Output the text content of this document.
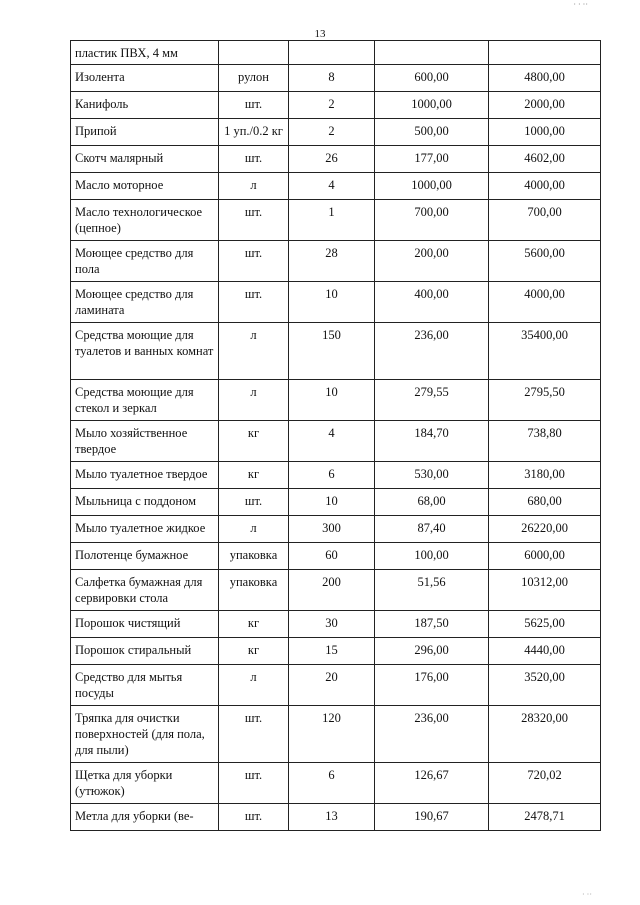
· · ··
13
пластик ПВХ, 4 мм				
Изолента	рулон	8	600,00	4800,00
Канифоль	шт.	2	1000,00	2000,00
Припой	1 уп./0.2 кг	2	500,00	1000,00
Скотч малярный	шт.	26	177,00	4602,00
Масло моторное	л	4	1000,00	4000,00
Масло технологическое (цепное)	шт.	1	700,00	700,00
Моющее средство для пола	шт.	28	200,00	5600,00
Моющее средство для ламината	шт.	10	400,00	4000,00
Средства моющие для туалетов и ванных комнат	л	150	236,00	35400,00
Средства моющие для стекол и зеркал	л	10	279,55	2795,50
Мыло хозяйственное твердое	кг	4	184,70	738,80
Мыло туалетное твердое	кг	6	530,00	3180,00
Мыльница с поддоном	шт.	10	68,00	680,00
Мыло туалетное жидкое	л	300	87,40	26220,00
Полотенце бумажное	упаковка	60	100,00	6000,00
Салфетка бумажная для сервировки стола	упаковка	200	51,56	10312,00
Порошок чистящий	кг	30	187,50	5625,00
Порошок стиральный	кг	15	296,00	4440,00
Средство для мытья посуды	л	20	176,00	3520,00
Тряпка для очистки поверхностей (для пола, для пыли)	шт.	120	236,00	28320,00
Щетка для уборки (утюжок)	шт.	6	126,67	720,02
Метла для уборки (ве-	шт.	13	190,67	2478,71
· ··
